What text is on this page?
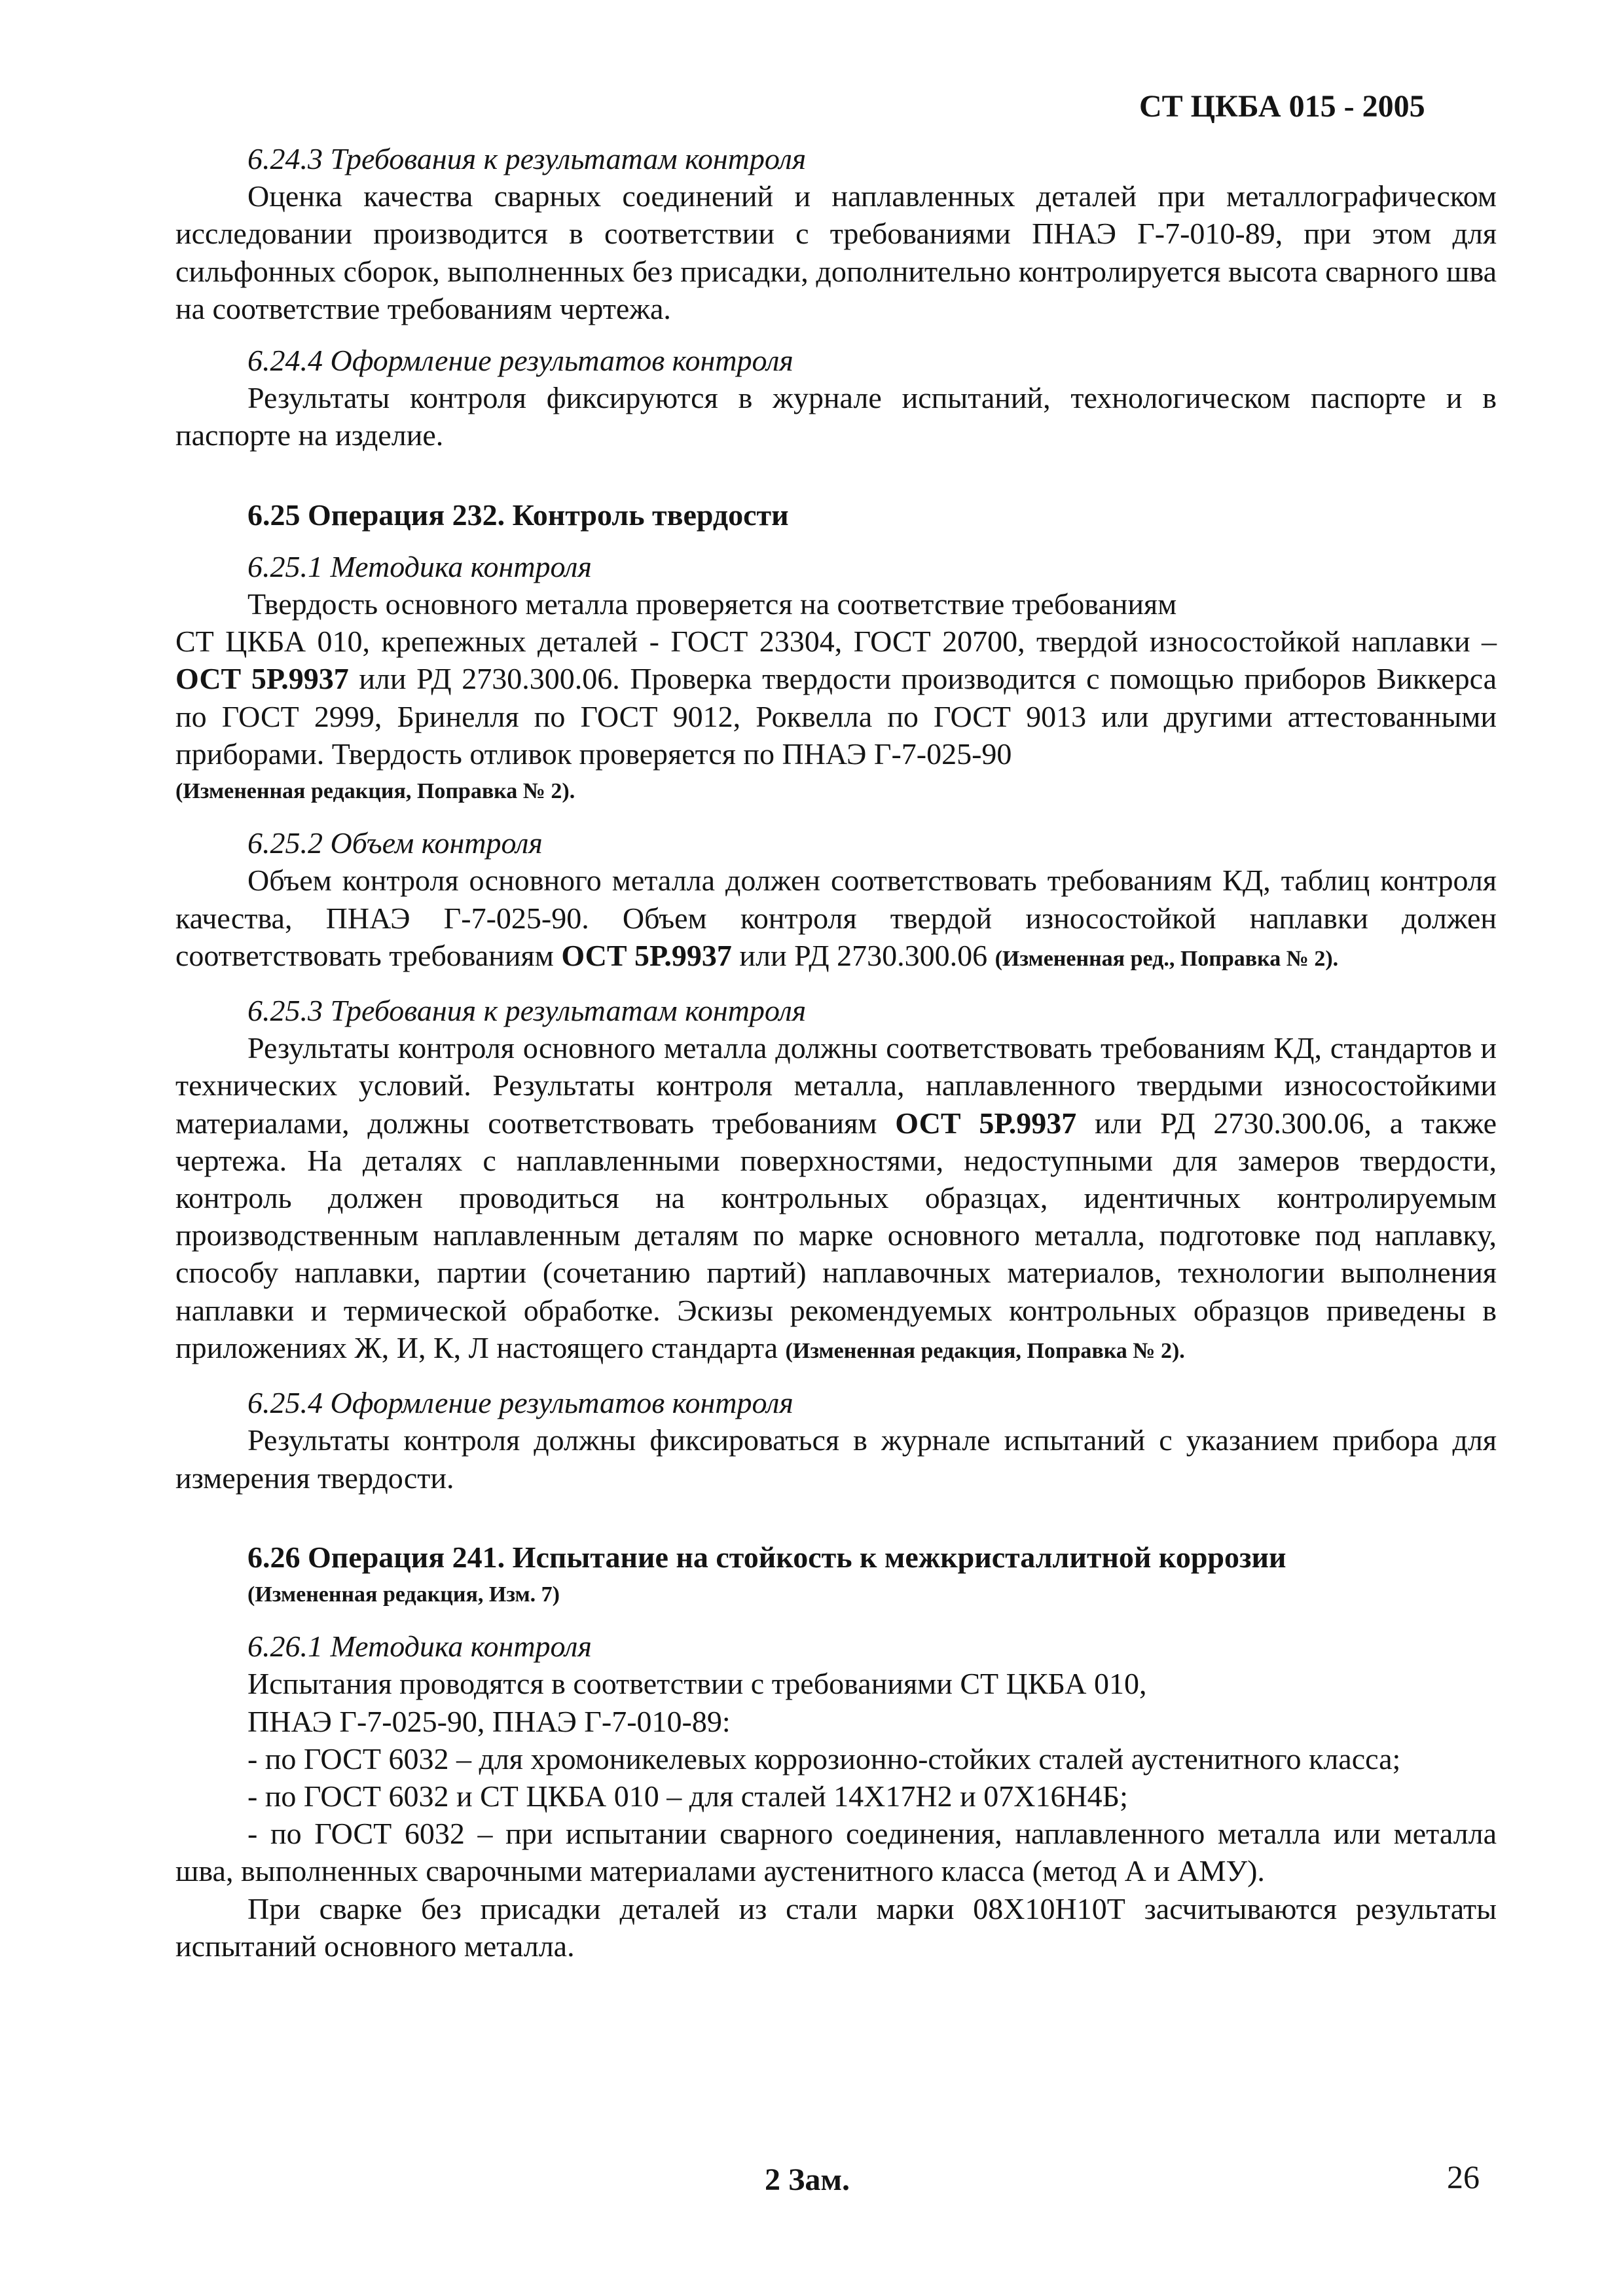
СТ ЦКБА 015 - 2005

6.24.3 Требования к результатам контроля

Оценка качества сварных соединений и наплавленных деталей при металлографическом исследовании производится в соответствии с требованиями ПНАЭ Г-7-010-89, при этом для сильфонных сборок, выполненных без присадки, дополнительно контролируется высота сварного шва на соответствие требованиям чертежа.

6.24.4 Оформление результатов контроля

Результаты контроля фиксируются в журнале испытаний, технологическом паспорте и в паспорте на изделие.

6.25 Операция 232. Контроль твердости

6.25.1 Методика контроля

Твердость основного металла проверяется на соответствие требованиям

СТ ЦКБА 010, крепежных деталей - ГОСТ 23304, ГОСТ 20700, твердой износостойкой наплавки – ОСТ 5Р.9937 или РД 2730.300.06. Проверка твердости производится с помощью приборов Виккерса по ГОСТ 2999, Бринелля по ГОСТ 9012, Роквелла по ГОСТ 9013 или другими аттестованными приборами. Твердость отливок проверяется по ПНАЭ Г-7-025-90

(Измененная редакция, Поправка № 2).

6.25.2 Объем контроля

Объем контроля основного металла должен соответствовать требованиям КД, таблиц контроля качества, ПНАЭ Г-7-025-90. Объем контроля твердой износостойкой наплавки должен соответствовать требованиям ОСТ 5Р.9937 или РД 2730.300.06 (Измененная ред., Поправка № 2).

6.25.3 Требования к результатам контроля

Результаты контроля основного металла должны соответствовать требованиям КД, стандартов и технических условий. Результаты контроля металла, наплавленного твердыми износостойкими материалами, должны соответствовать требованиям ОСТ 5Р.9937 или РД 2730.300.06, а также чертежа. На деталях с наплавленными поверхностями, недоступными для замеров твердости, контроль должен проводиться на контрольных образцах, идентичных контролируемым производственным наплавленным деталям по марке основного металла, подготовке под наплавку, способу наплавки, партии (сочетанию партий) наплавочных материалов, технологии выполнения наплавки и термической обработке. Эскизы рекомендуемых контрольных образцов приведены в приложениях Ж, И, К, Л настоящего стандарта (Измененная редакция, Поправка № 2).

6.25.4 Оформление результатов контроля

Результаты контроля должны фиксироваться в журнале испытаний с указанием прибора для измерения твердости.

6.26 Операция 241. Испытание на стойкость к межкристаллитной коррозии

(Измененная редакция, Изм. 7)

6.26.1 Методика контроля

Испытания проводятся в соответствии с требованиями СТ ЦКБА 010,

ПНАЭ Г-7-025-90, ПНАЭ Г-7-010-89:

- по ГОСТ 6032 – для хромоникелевых коррозионно-стойких сталей аустенитного класса;

- по ГОСТ 6032 и СТ ЦКБА 010 – для сталей 14Х17Н2 и 07Х16Н4Б;

- по ГОСТ 6032 – при испытании сварного соединения, наплавленного металла или металла шва, выполненных сварочными материалами аустенитного класса (метод А и АМУ).

При сварке без присадки деталей из стали марки 08Х10Н10Т засчитываются результаты испытаний основного металла.

2 Зам.	26
